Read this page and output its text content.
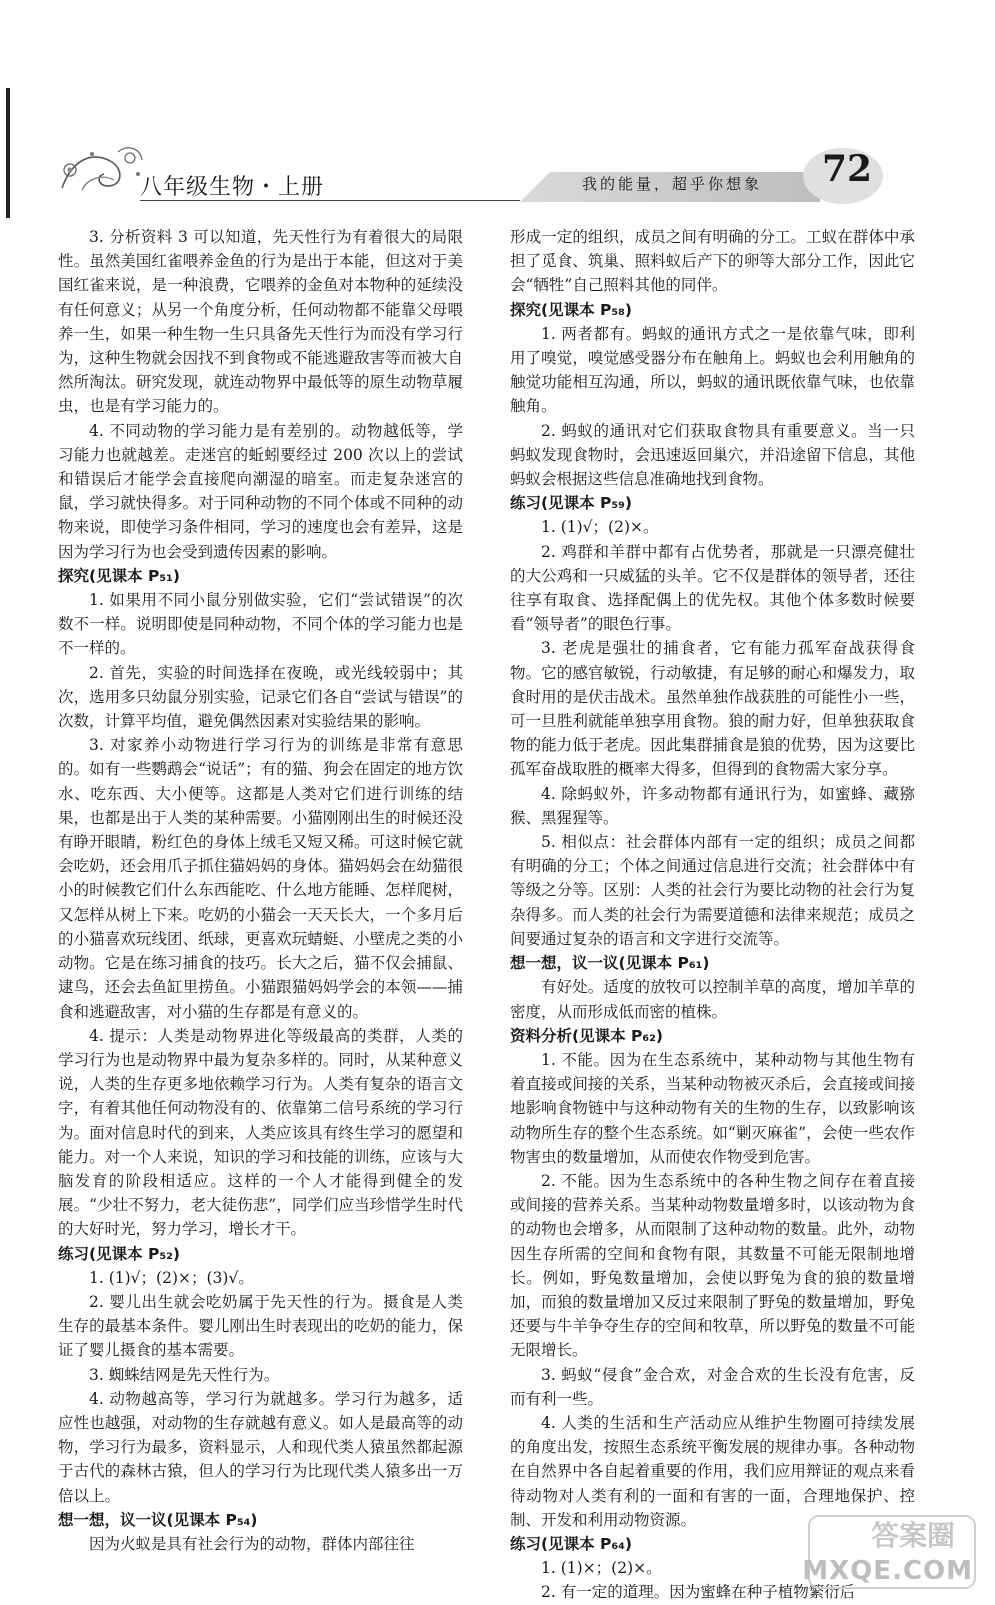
八年级生物・上册	我的能量，超乎你想象 72

3. 分析资料 3 可以知道，先天性行为有着很大的局限性。虽然美国红雀喂养金鱼的行为是出于本能，但这对于美国红雀来说，是一种浪费，它喂养的金鱼对本物种的延续没有任何意义；从另一个角度分析，任何动物都不能靠父母喂养一生，如果一种生物一生只具备先天性行为而没有学习行为，这种生物就会因找不到食物或不能逃避敌害等而被大自然所淘汰。研究发现，就连动物界中最低等的原生动物草履虫，也是有学习能力的。

4. 不同动物的学习能力是有差别的。动物越低等，学习能力也就越差。走迷宫的蚯蚓要经过 200 次以上的尝试和错误后才能学会直接爬向潮湿的暗室。而走复杂迷宫的鼠，学习就快得多。对于同种动物的不同个体或不同种的动物来说，即使学习条件相同，学习的速度也会有差异，这是因为学习行为也会受到遗传因素的影响。

探究(见课本 P₅₁)

1. 如果用不同小鼠分别做实验，它们“尝试错误”的次数不一样。说明即使是同种动物，不同个体的学习能力也是不一样的。

2. 首先，实验的时间选择在夜晚，或光线较弱中；其次，选用多只幼鼠分别实验，记录它们各自“尝试与错误”的次数，计算平均值，避免偶然因素对实验结果的影响。

3. 对家养小动物进行学习行为的训练是非常有意思的。如有一些鹦鹉会“说话”；有的猫、狗会在固定的地方饮水、吃东西、大小便等。这都是人类对它们进行训练的结果，也都是出于人类的某种需要。小猫刚刚出生的时候还没有睁开眼睛，粉红色的身体上绒毛又短又稀。可这时候它就会吃奶，还会用爪子抓住猫妈妈的身体。猫妈妈会在幼猫很小的时候教它们什么东西能吃、什么地方能睡、怎样爬树，又怎样从树上下来。吃奶的小猫会一天天长大，一个多月后的小猫喜欢玩线团、纸球，更喜欢玩蜻蜓、小壁虎之类的小动物。它是在练习捕食的技巧。长大之后，猫不仅会捕鼠、逮鸟，还会去鱼缸里捞鱼。小猫跟猫妈妈学会的本领——捕食和逃避敌害，对小猫的生存都是有意义的。

4. 提示：人类是动物界进化等级最高的类群，人类的学习行为也是动物界中最为复杂多样的。同时，从某种意义说，人类的生存更多地依赖学习行为。人类有复杂的语言文字，有着其他任何动物没有的、依靠第二信号系统的学习行为。面对信息时代的到来，人类应该具有终生学习的愿望和能力。对一个人来说，知识的学习和技能的训练，应该与大脑发育的阶段相适应。这样的一个人才能得到健全的发展。“少壮不努力，老大徒伤悲”，同学们应当珍惜学生时代的大好时光，努力学习，增长才干。

练习(见课本 P₅₂)

1. (1)√；(2)×；(3)√。

2. 婴儿出生就会吃奶属于先天性的行为。摄食是人类生存的最基本条件。婴儿刚出生时表现出的吃奶的能力，保证了婴儿摄食的基本需要。

3. 蜘蛛结网是先天性行为。

4. 动物越高等，学习行为就越多。学习行为越多，适应性也越强，对动物的生存就越有意义。如人是最高等的动物，学习行为最多，资料显示，人和现代类人猿虽然都起源于古代的森林古猿，但人的学习行为比现代类人猿多出一万倍以上。

想一想，议一议(见课本 P₅₄)

因为火蚁是具有社会行为的动物，群体内部往往

形成一定的组织，成员之间有明确的分工。工蚁在群体中承担了觅食、筑巢、照料蚁后产下的卵等大部分工作，因此它会“牺牲”自己照料其他的同伴。

探究(见课本 P₅₈)

1. 两者都有。蚂蚁的通讯方式之一是依靠气味，即利用了嗅觉，嗅觉感受器分布在触角上。蚂蚁也会利用触角的触觉功能相互沟通，所以，蚂蚁的通讯既依靠气味，也依靠触角。

2. 蚂蚁的通讯对它们获取食物具有重要意义。当一只蚂蚁发现食物时，会迅速返回巢穴，并沿途留下信息，其他蚂蚁会根据这些信息准确地找到食物。

练习(见课本 P₅₉)

1. (1)√；(2)×。

2. 鸡群和羊群中都有占优势者，那就是一只漂亮健壮的大公鸡和一只威猛的头羊。它不仅是群体的领导者，还往往享有取食、选择配偶上的优先权。其他个体多数时候要看“领导者”的眼色行事。

3. 老虎是强壮的捕食者，它有能力孤军奋战获得食物。它的感官敏锐，行动敏捷，有足够的耐心和爆发力，取食时用的是伏击战术。虽然单独作战获胜的可能性小一些，可一旦胜利就能单独享用食物。狼的耐力好，但单独获取食物的能力低于老虎。因此集群捕食是狼的优势，因为这要比孤军奋战取胜的概率大得多，但得到的食物需大家分享。

4. 除蚂蚁外，许多动物都有通讯行为，如蜜蜂、藏猕猴、黑猩猩等。

5. 相似点：社会群体内部有一定的组织；成员之间都有明确的分工；个体之间通过信息进行交流；社会群体中有等级之分等。区别：人类的社会行为要比动物的社会行为复杂得多。而人类的社会行为需要道德和法律来规范；成员之间要通过复杂的语言和文字进行交流等。

想一想，议一议(见课本 P₆₁)

有好处。适度的放牧可以控制羊草的高度，增加羊草的密度，从而形成低而密的植株。

资料分析(见课本 P₆₂)

1. 不能。因为在生态系统中，某种动物与其他生物有着直接或间接的关系，当某种动物被灭杀后，会直接或间接地影响食物链中与这种动物有关的生物的生存，以致影响该动物所生存的整个生态系统。如“剿灭麻雀”，会使一些农作物害虫的数量增加，从而使农作物受到危害。

2. 不能。因为生态系统中的各种生物之间存在着直接或间接的营养关系。当某种动物数量增多时，以该动物为食的动物也会增多，从而限制了这种动物的数量。此外，动物因生存所需的空间和食物有限，其数量不可能无限制地增长。例如，野兔数量增加，会使以野兔为食的狼的数量增加，而狼的数量增加又反过来限制了野兔的数量增加，野兔还要与牛羊争夺生存的空间和牧草，所以野兔的数量不可能无限增长。

3. 蚂蚁“侵食”金合欢，对金合欢的生长没有危害，反而有利一些。

4. 人类的生活和生产活动应从维护生物圈可持续发展的角度出发，按照生态系统平衡发展的规律办事。各种动物在自然界中各自起着重要的作用，我们应用辩证的观点来看待动物对人类有利的一面和有害的一面，合理地保护、控制、开发和利用动物资源。

练习(见课本 P₆₄)

1. (1)×；(2)×。

2. 有一定的道理。因为蜜蜂在种子植物繁衍后

答案圈
MXQE.COM
